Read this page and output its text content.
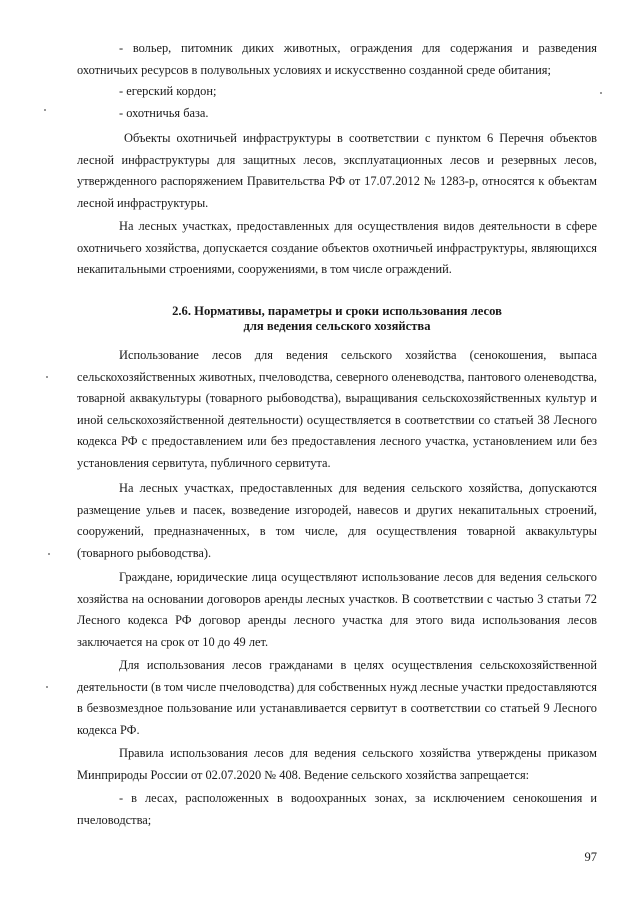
- вольер, питомник диких животных, ограждения для содержания и разведения охотничьих ресурсов в полувольных условиях и искусственно созданной среде обитания;

- егерский кордон;

- охотничья база.

Объекты охотничьей инфраструктуры в соответствии с пунктом 6 Перечня объектов лесной инфраструктуры для защитных лесов, эксплуатационных лесов и резервных лесов, утвержденного распоряжением Правительства РФ от 17.07.2012 № 1283-р, относятся к объектам лесной инфраструктуры.

На лесных участках, предоставленных для осуществления видов деятельности в сфере охотничьего хозяйства, допускается создание объектов охотничьей инфраструктуры, являющихся некапитальными строениями, сооружениями, в том числе ограждений.

2.6. Нормативы, параметры и сроки использования лесов
для ведения сельского хозяйства

Использование лесов для ведения сельского хозяйства (сенокошения, выпаса сельскохозяйственных животных, пчеловодства, северного оленеводства, пантового оленеводства, товарной аквакультуры (товарного рыбоводства), выращивания сельскохозяйственных культур и иной сельскохозяйственной деятельности) осуществляется в соответствии со статьей 38 Лесного кодекса РФ с предоставлением или без предоставления лесного участка, установлением или без установления сервитута, публичного сервитута.

На лесных участках, предоставленных для ведения сельского хозяйства, допускаются размещение ульев и пасек, возведение изгородей, навесов и других некапитальных строений, сооружений, предназначенных, в том числе, для осуществления товарной аквакультуры (товарного рыбоводства).

Граждане, юридические лица осуществляют использование лесов для ведения сельского хозяйства на основании договоров аренды лесных участков. В соответствии с частью 3 статьи 72 Лесного кодекса РФ договор аренды лесного участка для этого вида использования лесов заключается на срок от 10 до 49 лет.

Для использования лесов гражданами в целях осуществления сельскохозяйственной деятельности (в том числе пчеловодства) для собственных нужд лесные участки предоставляются в безвозмездное пользование или устанавливается сервитут в соответствии со статьей 9 Лесного кодекса РФ.

Правила использования лесов для ведения сельского хозяйства утверждены приказом Минприроды России от 02.07.2020 № 408. Ведение сельского хозяйства запрещается:

- в лесах, расположенных в водоохранных зонах, за исключением сенокошения и пчеловодства;

97
